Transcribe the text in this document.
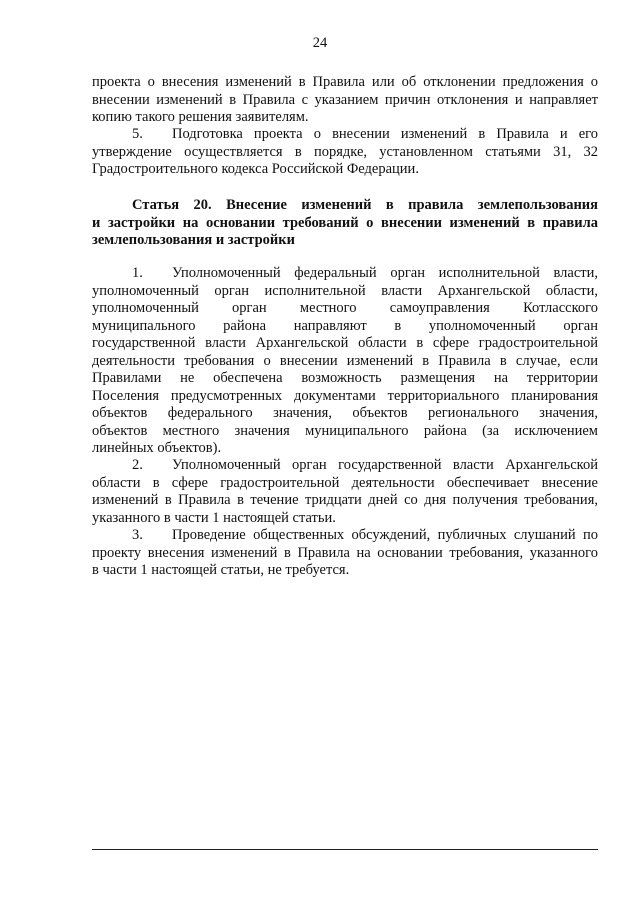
24
проекта о внесения изменений в Правила или об отклонении предложения о
внесении изменений в Правила с указанием причин отклонения и направляет
копию такого решения заявителям.
5. Подготовка проекта о внесении изменений в Правила и его
утверждение осуществляется в порядке, установленном статьями 31, 32
Градостроительного кодекса Российской Федерации.
Статья 20. Внесение изменений в правила землепользования
и застройки на основании требований о внесении изменений в правила
землепользования и застройки
1. Уполномоченный федеральный орган исполнительной власти,
уполномоченный орган исполнительной власти Архангельской области,
уполномоченный орган местного самоуправления Котласского
муниципального района направляют в уполномоченный орган
государственной власти Архангельской области в сфере градостроительной
деятельности требования о внесении изменений в Правила в случае, если
Правилами не обеспечена возможность размещения на территории
Поселения предусмотренных документами территориального планирования
объектов федерального значения, объектов регионального значения,
объектов местного значения муниципального района (за исключением
линейных объектов).
2. Уполномоченный орган государственной власти Архангельской
области в сфере градостроительной деятельности обеспечивает внесение
изменений в Правила в течение тридцати дней со дня получения требования,
указанного в части 1 настоящей статьи.
3. Проведение общественных обсуждений, публичных слушаний по
проекту внесения изменений в Правила на основании требования, указанного
в части 1 настоящей статьи, не требуется.
